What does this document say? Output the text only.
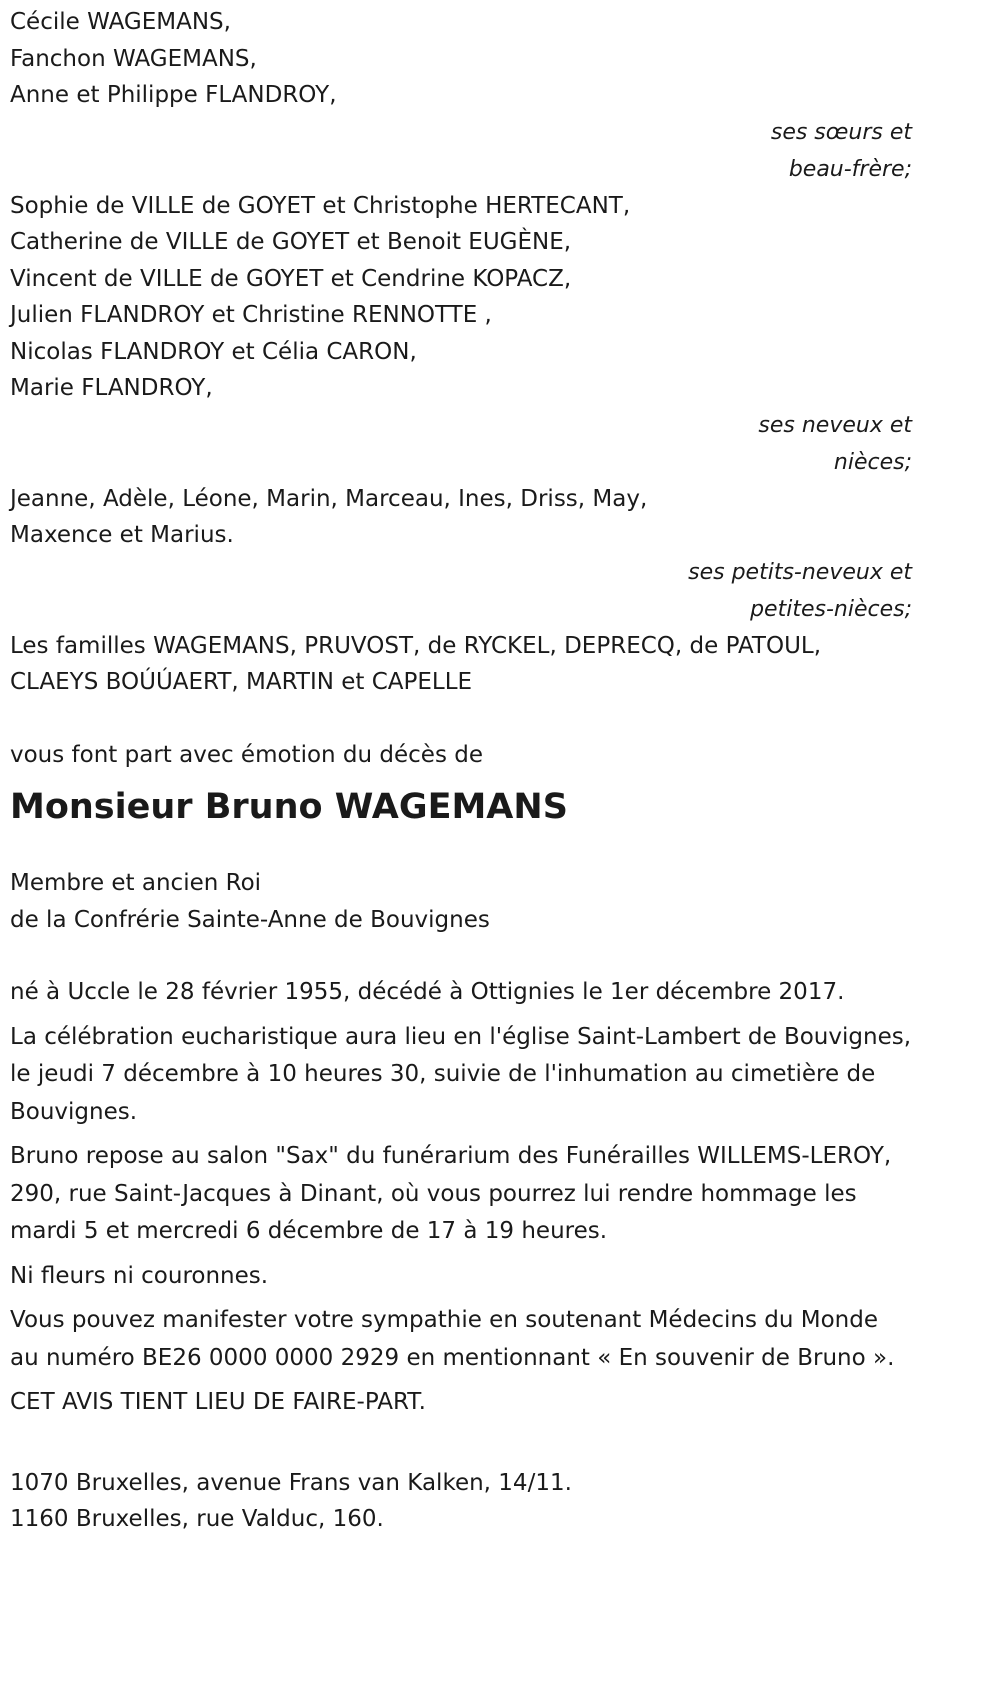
Cécile WAGEMANS,
Fanchon WAGEMANS,
Anne et Philippe FLANDROY,
ses sœurs et
beau-frère;
Sophie de VILLE de GOYET et Christophe HERTECANT,
Catherine de VILLE de GOYET et Benoit EUGÈNE,
Vincent de VILLE de GOYET et Cendrine KOPACZ,
Julien FLANDROY et Christine RENNOTTE ,
Nicolas FLANDROY et Célia CARON,
Marie FLANDROY,
ses neveux et
nièces;
Jeanne, Adèle, Léone, Marin, Marceau, Ines, Driss, May,
Maxence et Marius.
ses petits-neveux et
petites-nièces;
Les familles WAGEMANS, PRUVOST, de RYCKEL, DEPRECQ, de PATOUL,
CLAEYS BOÚÚAERT, MARTIN et CAPELLE
vous font part avec émotion du décès de
Monsieur Bruno WAGEMANS
Membre et ancien Roi
de la Confrérie Sainte-Anne de Bouvignes

né à Uccle le 28 février 1955, décédé à Ottignies le 1er décembre 2017.

La célébration eucharistique aura lieu en l'église Saint-Lambert de Bouvignes, le jeudi 7 décembre à 10 heures 30, suivie de l'inhumation au cimetière de Bouvignes.

Bruno repose au salon "Sax" du funérarium des Funérailles WILLEMS-LEROY, 290, rue Saint-Jacques à Dinant, où vous pourrez lui rendre hommage les mardi 5 et mercredi 6 décembre de 17 à 19 heures.

Ni fleurs ni couronnes.

Vous pouvez manifester votre sympathie en soutenant Médecins du Monde au numéro BE26 0000 0000 2929 en mentionnant « En souvenir de Bruno ».

CET AVIS TIENT LIEU DE FAIRE-PART.

1070 Bruxelles, avenue Frans van Kalken, 14/11.
1160 Bruxelles, rue Valduc, 160.
